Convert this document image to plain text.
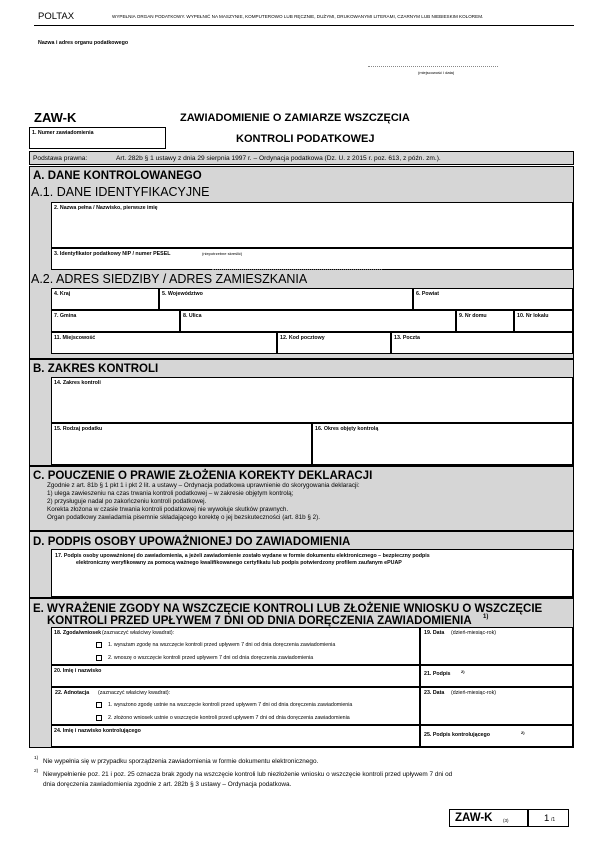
POLTAX	WYPEŁNIA ORGAN PODATKOWY. WYPEŁNIĆ NA MASZYNIE, KOMPUTEROWO LUB RĘCZNIE, DUŻYMI, DRUKOWANYMI LITERAMI, CZARNYM LUB NIEBIESKIM KOLOREM.
Nazwa i adres organu podatkowego
(miejscowość i data)
ZAW-K	ZAWIADOMIENIE O ZAMIARZE WSZCZĘCIA
KONTROLI PODATKOWEJ
1. Numer zawiadomienia
Podstawa prawna:	Art. 282b § 1 ustawy z dnia 29 sierpnia 1997 r. – Ordynacja podatkowa (Dz. U. z 2015 r. poz. 613, z późn. zm.).
A. DANE KONTROLOWANEGO
A.1. DANE IDENTYFIKACYJNE
2. Nazwa pełna / Nazwisko, pierwsze imię
3. Identyfikator podatkowy NIP / numer PESEL	(niepotrzebne skreślić)
A.2. ADRES SIEDZIBY / ADRES ZAMIESZKANIA
4. Kraj	5. Województwo	6. Powiat
7. Gmina	8. Ulica	9. Nr domu	10. Nr lokalu
11. Miejscowość	12. Kod pocztowy	13. Poczta
B. ZAKRES KONTROLI
14. Zakres kontroli
15. Rodzaj podatku	16. Okres objęty kontrolą
C. POUCZENIE O PRAWIE ZŁOŻENIA KOREKTY DEKLARACJI
Zgodnie z art. 81b § 1 pkt 1 i pkt 2 lit. a ustawy – Ordynacja podatkowa uprawnienie do skorygowania deklaracji:
1) ulega zawieszeniu na czas trwania kontroli podatkowej – w zakresie objętym kontrolą;
2) przysługuje nadal po zakończeniu kontroli podatkowej.
Korekta złożona w czasie trwania kontroli podatkowej nie wywołuje skutków prawnych.
Organ podatkowy zawiadamia pisemnie składającego korektę o jej bezskuteczności (art. 81b § 2).
D. PODPIS OSOBY UPOWAŻNIONEJ DO ZAWIADOMIENIA
17. Podpis osoby upoważnionej do zawiadomienia, a jeżeli zawiadomienie zostało wydane w formie dokumentu elektronicznego – bezpieczny podpis
elektroniczny weryfikowany za pomocą ważnego kwalifikowanego certyfikatu lub podpis potwierdzony profilem zaufanym ePUAP
E. WYRAŻENIE ZGODY NA WSZCZĘCIE KONTROLI LUB ZŁOŻENIE WNIOSKU O WSZCZĘCIE
KONTROLI PRZED UPŁYWEM 7 DNI OD DNIA DORĘCZENIA ZAWIADOMIENIA 1)
18. Zgoda/wniosek (zaznaczyć właściwy kwadrat):
1. wyrażam zgodę na wszczęcie kontroli przed upływem 7 dni od dnia doręczenia zawiadomienia
2. wnoszę o wszczęcie kontroli przed upływem 7 dni od dnia doręczenia zawiadomienia
19. Data (dzień-miesiąc-rok)
20. Imię i nazwisko	21. Podpis	2)
22. Adnotacja (zaznaczyć właściwy kwadrat):
1. wyrażono zgodę ustnie na wszczęcie kontroli przed upływem 7 dni od dnia doręczenia zawiadomienia
2. złożono wniosek ustnie o wszczęcie kontroli przed upływem 7 dni od dnia doręczenia zawiadomienia
23. Data (dzień-miesiąc-rok)
24. Imię i nazwisko kontrolującego
25. Podpis kontrolującego	2)
1) Nie wypełnia się w przypadku sporządzenia zawiadomienia w formie dokumentu elektronicznego.
2) Niewypełnienie poz. 21 i poz. 25 oznacza brak zgody na wszczęcie kontroli lub niezłożenie wniosku o wszczęcie kontroli przed upływem 7 dni od
dnia doręczenia zawiadomienia zgodnie z art. 282b § 3 ustawy – Ordynacja podatkowa.
ZAW-K (3)	1 /1
